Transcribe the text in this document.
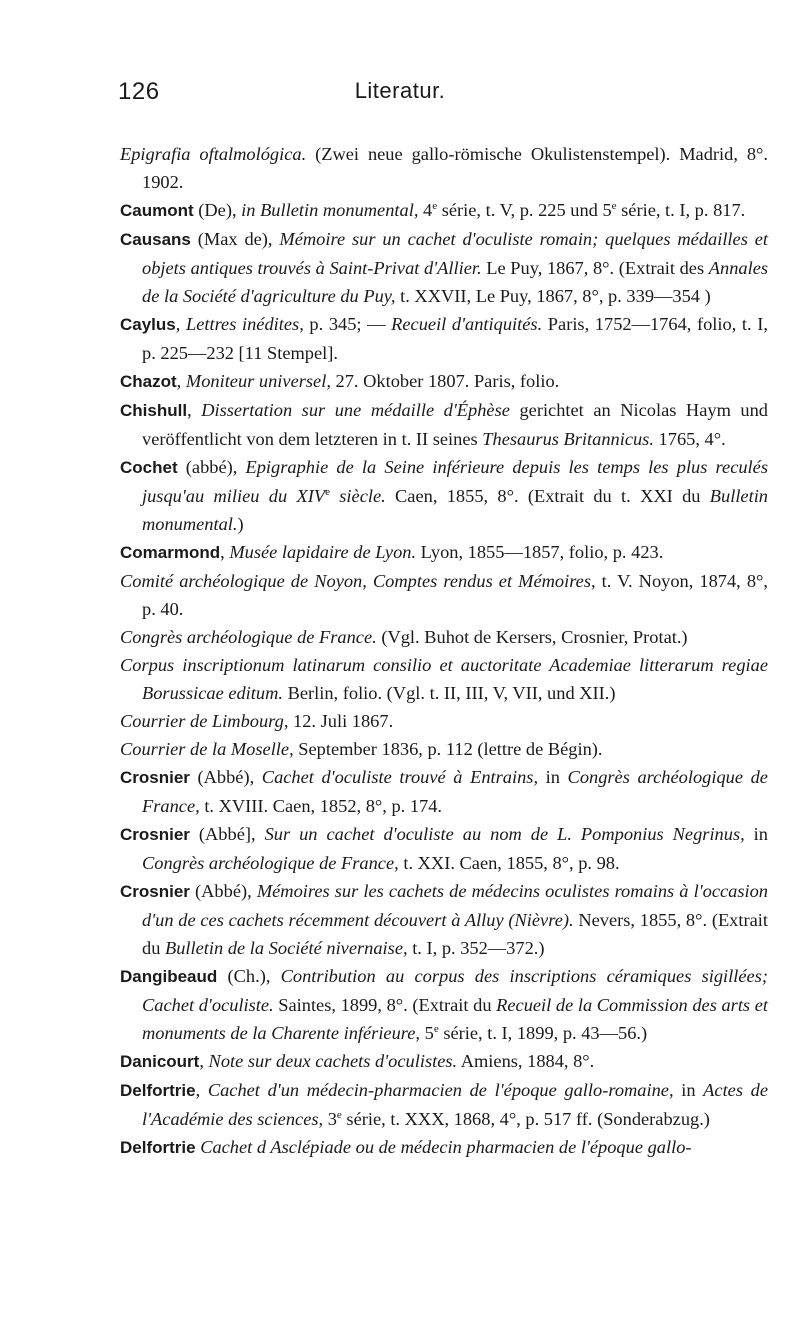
126	Literatur.

Epigrafia oftalmológica. (Zwei neue gallo-römische Okulistenstempel). Madrid, 8°. 1902.

Caumont (De), in Bulletin monumental, 4e série, t. V, p. 225 und 5e série, t. I, p. 817.

Causans (Max de), Mémoire sur un cachet d'oculiste romain; quelques médailles et objets antiques trouvés à Saint-Privat d'Allier. Le Puy, 1867, 8°. (Extrait des Annales de la Société d'agriculture du Puy, t. XXVII, Le Puy, 1867, 8°, p. 339—354 )

Caylus, Lettres inédites, p. 345; — Recueil d'antiquités. Paris, 1752—1764, folio, t. I, p. 225—232 [11 Stempel].

Chazot, Moniteur universel, 27. Oktober 1807. Paris, folio.

Chishull, Dissertation sur une médaille d'Éphèse gerichtet an Nicolas Haym und veröffentlicht von dem letzteren in t. II seines Thesaurus Britannicus. 1765, 4°.

Cochet (abbé), Epigraphie de la Seine inférieure depuis les temps les plus reculés jusqu'au milieu du XIVe siècle. Caen, 1855, 8°. (Extrait du t. XXI du Bulletin monumental.)

Comarmond, Musée lapidaire de Lyon. Lyon, 1855—1857, folio, p. 423.

Comité archéologique de Noyon, Comptes rendus et Mémoires, t. V. Noyon, 1874, 8°, p. 40.

Congrès archéologique de France. (Vgl. Buhot de Kersers, Crosnier, Protat.)

Corpus inscriptionum latinarum consilio et auctoritate Academiae litterarum regiae Borussicae editum. Berlin, folio. (Vgl. t. II, III, V, VII, und XII.)

Courrier de Limbourg, 12. Juli 1867.

Courrier de la Moselle, September 1836, p. 112 (lettre de Bégin).

Crosnier (Abbé), Cachet d'oculiste trouvé à Entrains, in Congrès archéologique de France, t. XVIII. Caen, 1852, 8°, p. 174.

Crosnier (Abbé], Sur un cachet d'oculiste au nom de L. Pomponius Negrinus, in Congrès archéologique de France, t. XXI. Caen, 1855, 8°, p. 98.

Crosnier (Abbé), Mémoires sur les cachets de médecins oculistes romains à l'occasion d'un de ces cachets récemment découvert à Alluy (Nièvre). Nevers, 1855, 8°. (Extrait du Bulletin de la Société nivernaise, t. I, p. 352—372.)

Dangibeaud (Ch.), Contribution au corpus des inscriptions céramiques sigillées; Cachet d'oculiste. Saintes, 1899, 8°. (Extrait du Recueil de la Commission des arts et monuments de la Charente inférieure, 5e série, t. I, 1899, p. 43—56.)

Danicourt, Note sur deux cachets d'oculistes. Amiens, 1884, 8°.

Delfortrie, Cachet d'un médecin-pharmacien de l'époque gallo-romaine, in Actes de l'Académie des sciences, 3e série, t. XXX, 1868, 4°, p. 517 ff. (Sonderabzug.)

Delfortrie Cachet d Asclépiade ou de médecin pharmacien de l'époque gallo-
